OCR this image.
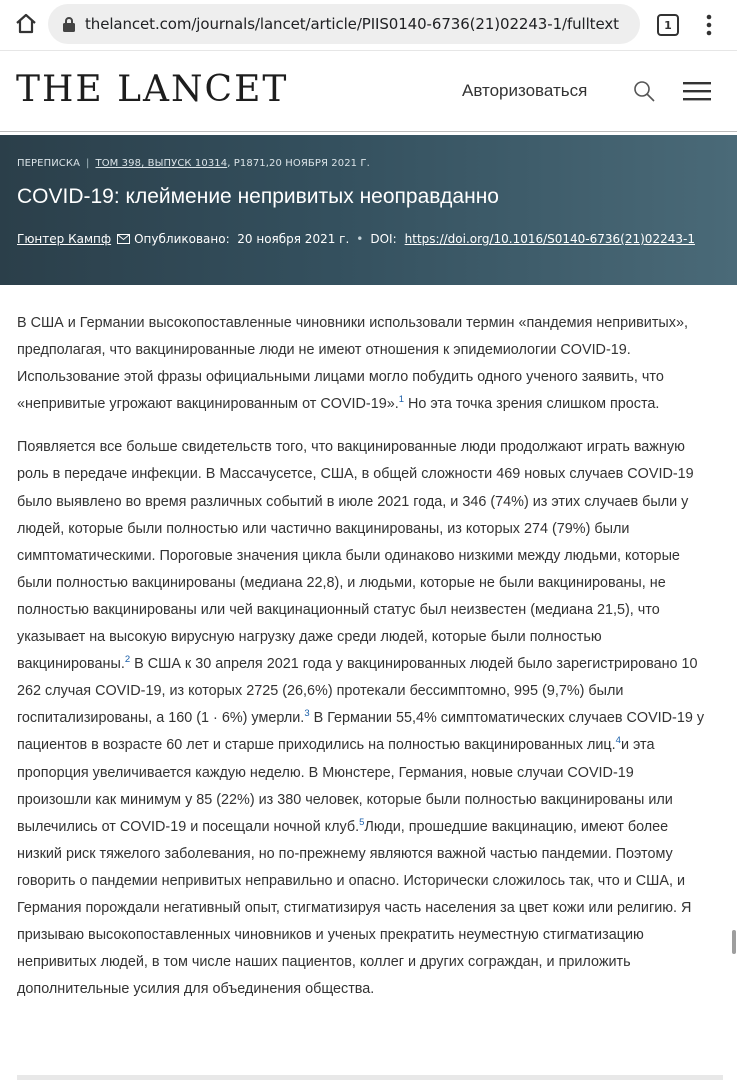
thelancet.com/journals/lancet/article/PIIS0140-6736(21)02243-1/fulltext	1
THE LANCET	Авторизоваться
ПЕРЕПИСКА | ТОМ 398, ВЫПУСК 10314, P1871,20 НОЯБРЯ 2021 Г.
COVID-19: клеймение непривитых неоправданно
Гюнтер Кампф Опубликовано:
20 ноября 2021 г. • DOI: https://doi.org/10.1016/S0140-6736(21)02243-1

В США и Германии высокопоставленные чиновники использовали термин «пандемия непривитых», предполагая, что вакцинированные люди не имеют отношения к эпидемиологии COVID-19. Использование этой фразы официальными лицами могло побудить одного ученого заявить, что «непривитые угрожают вакцинированным от COVID-19».$^1$ Но эта точка зрения слишком проста.

Появляется все больше свидетельств того, что вакцинированные люди продолжают играть важную роль в передаче инфекции. В Массачусетсе, США, в общей сложности 469 новых случаев COVID-19 было выявлено во время различных событий в июле 2021 года, и 346 (74%) из этих случаев были у людей, которые были полностью или частично вакцинированы, из которых 274 (79%) были симптоматическими. Пороговые значения цикла были одинаково низкими между людьми, которые были полностью вакцинированы (медиана 22,8), и людьми, которые не были вакцинированы, не полностью вакцинированы или чей вакцинационный статус был неизвестен (медиана 21,5), что указывает на высокую вирусную нагрузку даже среди людей, которые были полностью вакцинированы.$^2$ В США к 30 апреля 2021 года у вакцинированных людей было зарегистрировано 10 262 случая COVID-19, из которых 2725 (26,6%) протекали бессимптомно, 995 (9,7%) были госпитализированы, а 160 (1 · 6%) умерли.$^3$ В Германии 55,4% симптоматических случаев COVID-19 у пациентов в возрасте 60 лет и старше приходились на полностью вакцинированных лиц.$^4$и эта пропорция увеличивается каждую неделю. В Мюнстере, Германия, новые случаи COVID-19 произошли как минимум у 85 (22%) из 380 человек, которые были полностью вакцинированы или вылечились от COVID-19 и посещали ночной клуб.$^5$Люди, прошедшие вакцинацию, имеют более низкий риск тяжелого заболевания, но по-прежнему являются важной частью пандемии. Поэтому говорить о пандемии непривитых неправильно и опасно. Исторически сложилось так, что и США, и Германия порождали негативный опыт, стигматизируя часть населения за цвет кожи или религию. Я призываю высокопоставленных чиновников и ученых прекратить неуместную стигматизацию непривитых людей, в том числе наших пациентов, коллег и других сограждан, и приложить дополнительные усилия для объединения общества.
